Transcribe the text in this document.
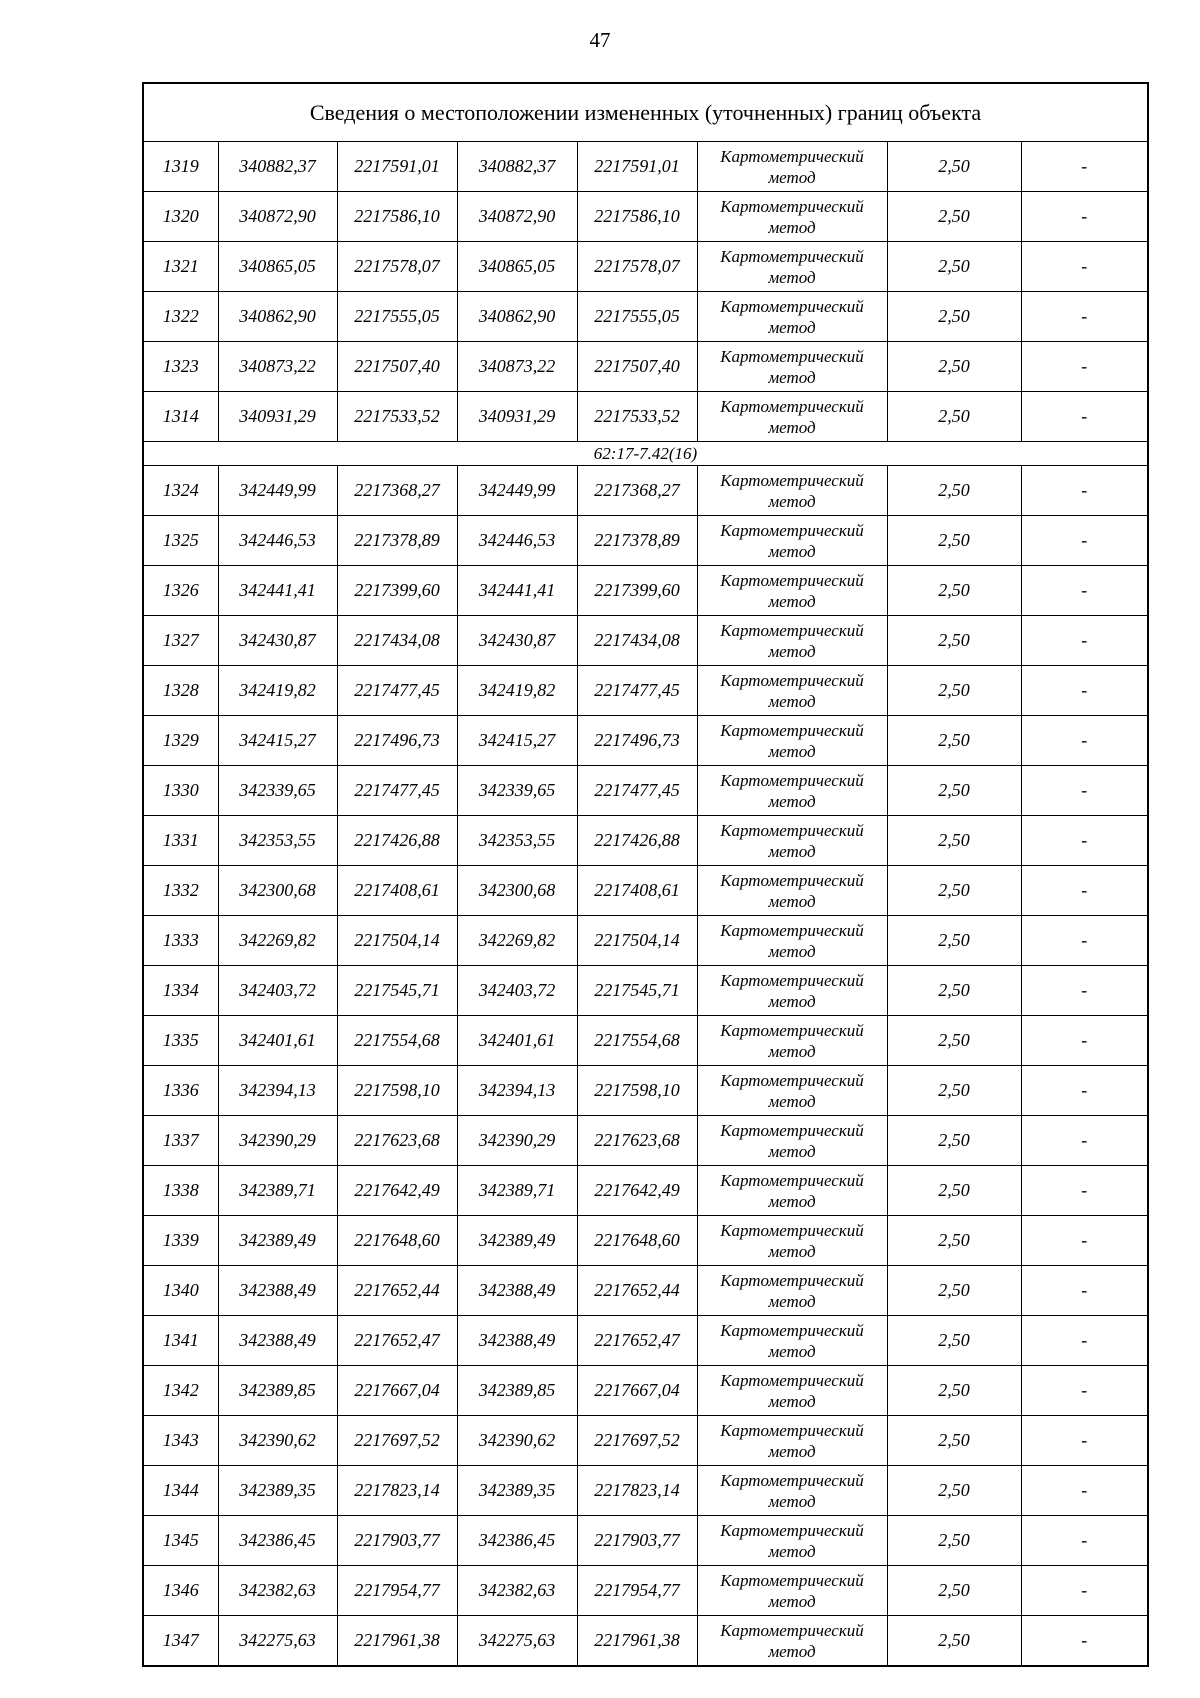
47
Сведения о местоположении измененных (уточненных) границ объекта							
1319	340882,37	2217591,01	340882,37	2217591,01	Картометрический метод	2,50	-
1320	340872,90	2217586,10	340872,90	2217586,10	Картометрический метод	2,50	-
1321	340865,05	2217578,07	340865,05	2217578,07	Картометрический метод	2,50	-
1322	340862,90	2217555,05	340862,90	2217555,05	Картометрический метод	2,50	-
1323	340873,22	2217507,40	340873,22	2217507,40	Картометрический метод	2,50	-
1314	340931,29	2217533,52	340931,29	2217533,52	Картометрический метод	2,50	-
62:17-7.42(16)							
1324	342449,99	2217368,27	342449,99	2217368,27	Картометрический метод	2,50	-
1325	342446,53	2217378,89	342446,53	2217378,89	Картометрический метод	2,50	-
1326	342441,41	2217399,60	342441,41	2217399,60	Картометрический метод	2,50	-
1327	342430,87	2217434,08	342430,87	2217434,08	Картометрический метод	2,50	-
1328	342419,82	2217477,45	342419,82	2217477,45	Картометрический метод	2,50	-
1329	342415,27	2217496,73	342415,27	2217496,73	Картометрический метод	2,50	-
1330	342339,65	2217477,45	342339,65	2217477,45	Картометрический метод	2,50	-
1331	342353,55	2217426,88	342353,55	2217426,88	Картометрический метод	2,50	-
1332	342300,68	2217408,61	342300,68	2217408,61	Картометрический метод	2,50	-
1333	342269,82	2217504,14	342269,82	2217504,14	Картометрический метод	2,50	-
1334	342403,72	2217545,71	342403,72	2217545,71	Картометрический метод	2,50	-
1335	342401,61	2217554,68	342401,61	2217554,68	Картометрический метод	2,50	-
1336	342394,13	2217598,10	342394,13	2217598,10	Картометрический метод	2,50	-
1337	342390,29	2217623,68	342390,29	2217623,68	Картометрический метод	2,50	-
1338	342389,71	2217642,49	342389,71	2217642,49	Картометрический метод	2,50	-
1339	342389,49	2217648,60	342389,49	2217648,60	Картометрический метод	2,50	-
1340	342388,49	2217652,44	342388,49	2217652,44	Картометрический метод	2,50	-
1341	342388,49	2217652,47	342388,49	2217652,47	Картометрический метод	2,50	-
1342	342389,85	2217667,04	342389,85	2217667,04	Картометрический метод	2,50	-
1343	342390,62	2217697,52	342390,62	2217697,52	Картометрический метод	2,50	-
1344	342389,35	2217823,14	342389,35	2217823,14	Картометрический метод	2,50	-
1345	342386,45	2217903,77	342386,45	2217903,77	Картометрический метод	2,50	-
1346	342382,63	2217954,77	342382,63	2217954,77	Картометрический метод	2,50	-
1347	342275,63	2217961,38	342275,63	2217961,38	Картометрический метод	2,50	-
